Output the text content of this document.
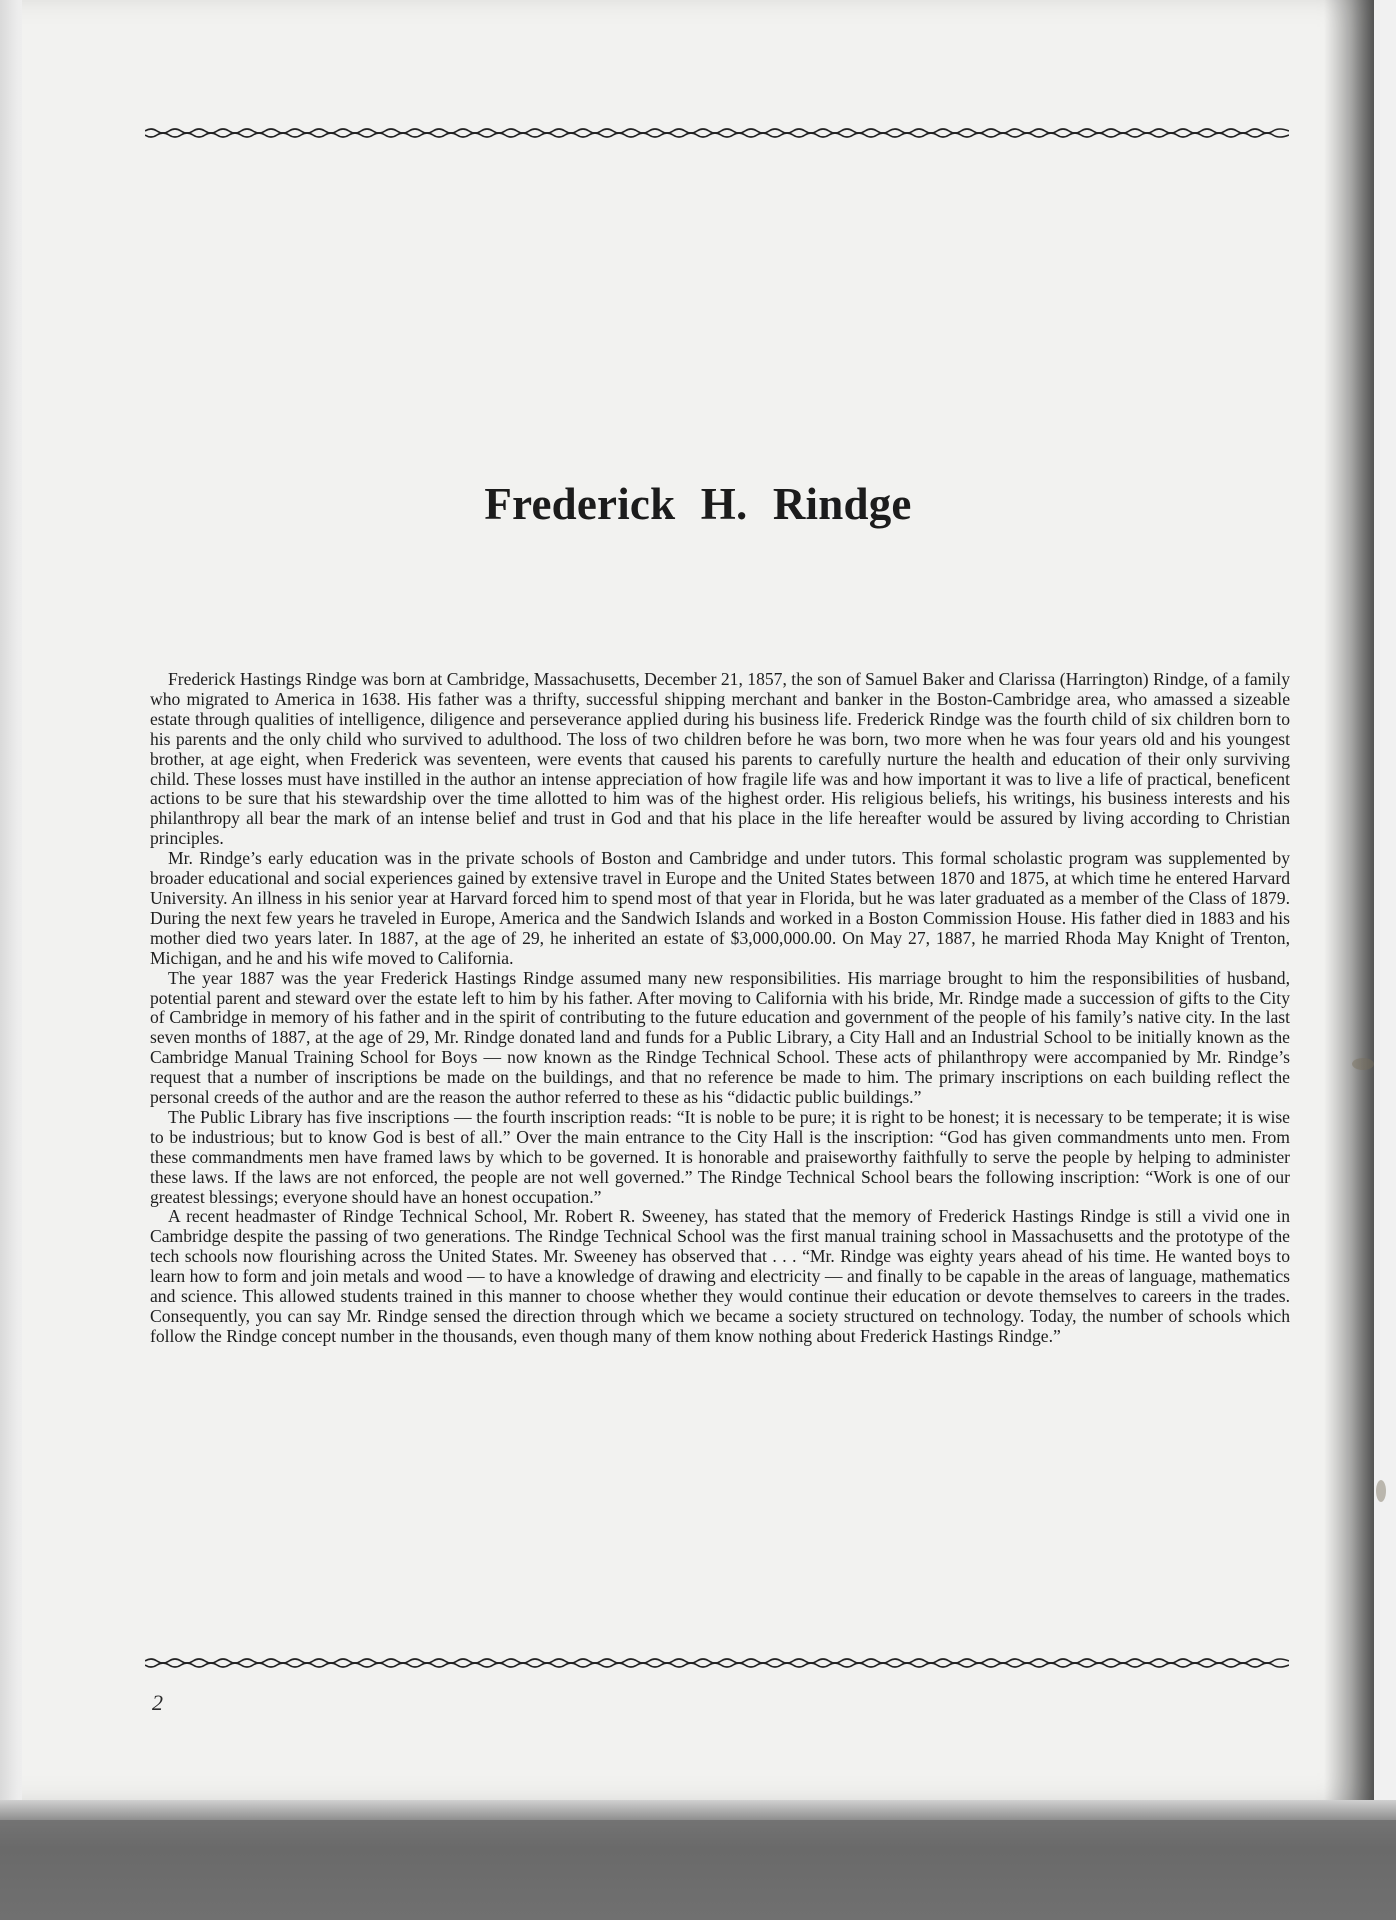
Frederick H. Rindge

Frederick Hastings Rindge was born at Cambridge, Massachusetts, December 21, 1857, the son of Samuel Baker and Clarissa (Harrington) Rindge, of a family who migrated to America in 1638. His father was a thrifty, successful shipping merchant and banker in the Boston-Cambridge area, who amassed a sizeable estate through qualities of intelligence, diligence and perseverance applied during his business life. Frederick Rindge was the fourth child of six children born to his parents and the only child who survived to adulthood. The loss of two children before he was born, two more when he was four years old and his youngest brother, at age eight, when Frederick was seventeen, were events that caused his parents to carefully nurture the health and education of their only surviving child. These losses must have instilled in the author an intense appreciation of how fragile life was and how important it was to live a life of practical, beneficent actions to be sure that his stewardship over the time allotted to him was of the highest order. His religious beliefs, his writings, his business interests and his philanthropy all bear the mark of an intense belief and trust in God and that his place in the life hereafter would be assured by living according to Christian principles.

Mr. Rindge’s early education was in the private schools of Boston and Cambridge and under tutors. This formal scholastic program was supplemented by broader educational and social experiences gained by extensive travel in Europe and the United States between 1870 and 1875, at which time he entered Harvard University. An illness in his senior year at Harvard forced him to spend most of that year in Florida, but he was later graduated as a member of the Class of 1879. During the next few years he traveled in Europe, America and the Sandwich Islands and worked in a Boston Commission House. His father died in 1883 and his mother died two years later. In 1887, at the age of 29, he inherited an estate of $3,000,000.00. On May 27, 1887, he married Rhoda May Knight of Trenton, Michigan, and he and his wife moved to California.

The year 1887 was the year Frederick Hastings Rindge assumed many new responsibilities. His marriage brought to him the responsibilities of husband, potential parent and steward over the estate left to him by his father. After moving to California with his bride, Mr. Rindge made a succession of gifts to the City of Cambridge in memory of his father and in the spirit of contributing to the future education and government of the people of his family’s native city. In the last seven months of 1887, at the age of 29, Mr. Rindge donated land and funds for a Public Library, a City Hall and an Industrial School to be initially known as the Cambridge Manual Training School for Boys — now known as the Rindge Technical School. These acts of philanthropy were accompanied by Mr. Rindge’s request that a number of inscriptions be made on the buildings, and that no reference be made to him. The primary inscriptions on each building reflect the personal creeds of the author and are the reason the author referred to these as his “didactic public buildings.”

The Public Library has five inscriptions — the fourth inscription reads: “It is noble to be pure; it is right to be honest; it is necessary to be temperate; it is wise to be industrious; but to know God is best of all.” Over the main entrance to the City Hall is the inscription: “God has given commandments unto men. From these commandments men have framed laws by which to be governed. It is honorable and praiseworthy faithfully to serve the people by helping to administer these laws. If the laws are not enforced, the people are not well governed.” The Rindge Technical School bears the following inscription: “Work is one of our greatest blessings; everyone should have an honest occupation.”

A recent headmaster of Rindge Technical School, Mr. Robert R. Sweeney, has stated that the memory of Frederick Hastings Rindge is still a vivid one in Cambridge despite the passing of two generations. The Rindge Technical School was the first manual training school in Massachusetts and the prototype of the tech schools now flourishing across the United States. Mr. Sweeney has observed that . . . “Mr. Rindge was eighty years ahead of his time. He wanted boys to learn how to form and join metals and wood — to have a knowledge of drawing and electricity — and finally to be capable in the areas of language, mathematics and science. This allowed students trained in this manner to choose whether they would continue their education or devote themselves to careers in the trades. Consequently, you can say Mr. Rindge sensed the direction through which we became a society structured on technology. Today, the number of schools which follow the Rindge concept number in the thousands, even though many of them know nothing about Frederick Hastings Rindge.”

2
